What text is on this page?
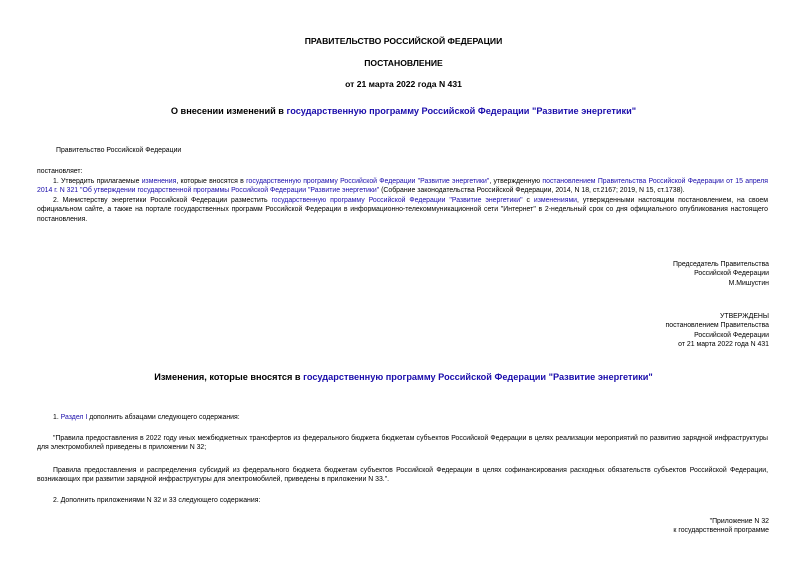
ПРАВИТЕЛЬСТВО РОССИЙСКОЙ ФЕДЕРАЦИИ
ПОСТАНОВЛЕНИЕ
от 21 марта 2022 года N 431
О внесении изменений в государственную программу Российской Федерации "Развитие энергетики"
Правительство Российской Федерации
постановляет:
1. Утвердить прилагаемые изменения, которые вносятся в государственную программу Российской Федерации "Развитие энергетики", утвержденную постановлением Правительства Российской Федерации от 15 апреля 2014 г. N 321 "Об утверждении государственной программы Российской Федерации "Развитие энергетики" (Собрание законодательства Российской Федерации, 2014, N 18, ст.2167; 2019, N 15, ст.1738).
2. Министерству энергетики Российской Федерации разместить государственную программу Российской Федерации "Развитие энергетики" с изменениями, утвержденными настоящим постановлением, на своем официальном сайте, а также на портале государственных программ Российской Федерации в информационно-телекоммуникационной сети "Интернет" в 2-недельный срок со дня официального опубликования настоящего постановления.
Председатель Правительства
Российской Федерации
М.Мишустин
УТВЕРЖДЕНЫ
постановлением Правительства
Российской Федерации
от 21 марта 2022 года N 431
Изменения, которые вносятся в государственную программу Российской Федерации "Развитие энергетики"
1. Раздел I дополнить абзацами следующего содержания:
"Правила предоставления в 2022 году иных межбюджетных трансфертов из федерального бюджета бюджетам субъектов Российской Федерации в целях реализации мероприятий по развитию зарядной инфраструктуры для электромобилей приведены в приложении N 32;
Правила предоставления и распределения субсидий из федерального бюджета бюджетам субъектов Российской Федерации в целях софинансирования расходных обязательств субъектов Российской Федерации, возникающих при развитии зарядной инфраструктуры для электромобилей, приведены в приложении N 33.".
2. Дополнить приложениями N 32 и 33 следующего содержания:
"Приложение N 32
к государственной программе
